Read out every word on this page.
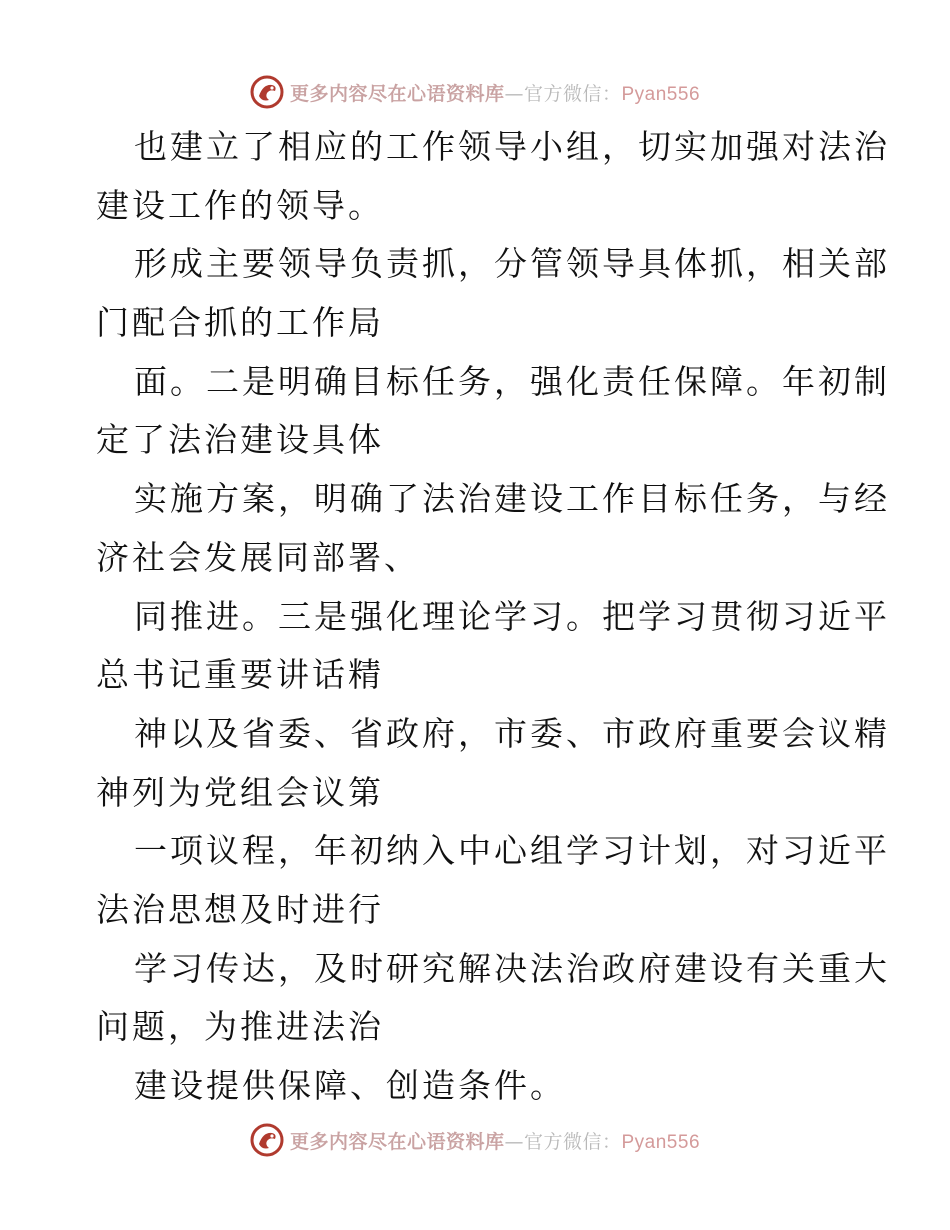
更多内容尽在心语资料库—官方微信：Pyan556
也建立了相应的工作领导小组，切实加强对法治
建设工作的领导。
形成主要领导负责抓，分管领导具体抓，相关部
门配合抓的工作局
面。二是明确目标任务，强化责任保障。年初制
定了法治建设具体
实施方案，明确了法治建设工作目标任务，与经
济社会发展同部署、
同推进。三是强化理论学习。把学习贯彻习近平
总书记重要讲话精
神以及省委、省政府，市委、市政府重要会议精
神列为党组会议第
一项议程，年初纳入中心组学习计划，对习近平
法治思想及时进行
学习传达，及时研究解决法治政府建设有关重大
问题，为推进法治
建设提供保障、创造条件。
更多内容尽在心语资料库—官方微信：Pyan556
